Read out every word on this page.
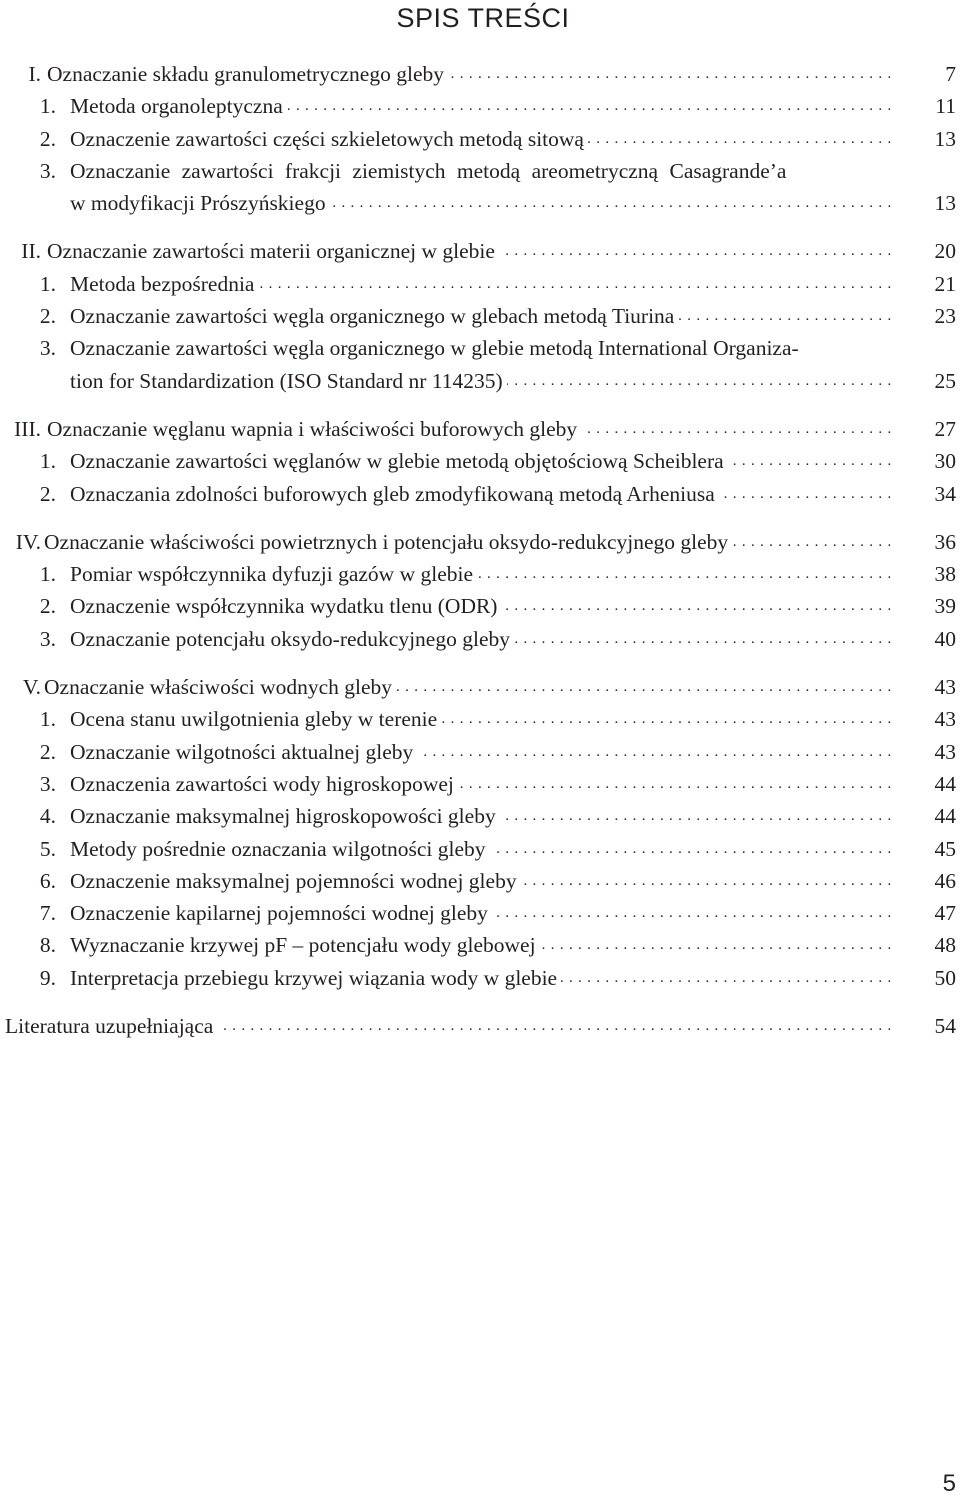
SPIS TREŚCI
I. Oznaczanie składu granulometrycznego gleby . . .	7
1. Metoda organoleptyczna . . .	11
2. Oznaczenie zawartości części szkieletowych metodą sitową . . .	13
3. Oznaczanie zawartości frakcji ziemistych metodą areometryczną Casagrande’a
w modyfikacji Prószyńskiego . . .	13
II. Oznaczanie zawartości materii organicznej w glebie . . .	20
1. Metoda bezpośrednia . . .	21
2. Oznaczanie zawartości węgla organicznego w glebach metodą Tiurina . . .	23
3. Oznaczanie zawartości węgla organicznego w glebie metodą International Organiza-
tion for Standardization (ISO Standard nr 114235) . . .	25
III. Oznaczanie węglanu wapnia i właściwości buforowych gleby . . .	27
1. Oznaczanie zawartości węglanów w glebie metodą objętościową Scheiblera . . .	30
2. Oznaczania zdolności buforowych gleb zmodyfikowaną metodą Arheniusa . . .	34
IV. Oznaczanie właściwości powietrznych i potencjału oksydo-redukcyjnego gleby . . .	36
1. Pomiar współczynnika dyfuzji gazów w glebie . . .	38
2. Oznaczenie współczynnika wydatku tlenu (ODR) . . .	39
3. Oznaczanie potencjału oksydo-redukcyjnego gleby . . .	40
V. Oznaczanie właściwości wodnych gleby . . .	43
1. Ocena stanu uwilgotnienia gleby w terenie . . .	43
2. Oznaczanie wilgotności aktualnej gleby . . .	43
3. Oznaczenia zawartości wody higroskopowej . . .	44
4. Oznaczanie maksymalnej higroskopowości gleby . . .	44
5. Metody pośrednie oznaczania wilgotności gleby . . .	45
6. Oznaczenie maksymalnej pojemności wodnej gleby . . .	46
7. Oznaczenie kapilarnej pojemności wodnej gleby . . .	47
8. Wyznaczanie krzywej pF – potencjału wody glebowej . . .	48
9. Interpretacja przebiegu krzywej wiązania wody w glebie . . .	50
Literatura uzupełniająca . . .	54
5
